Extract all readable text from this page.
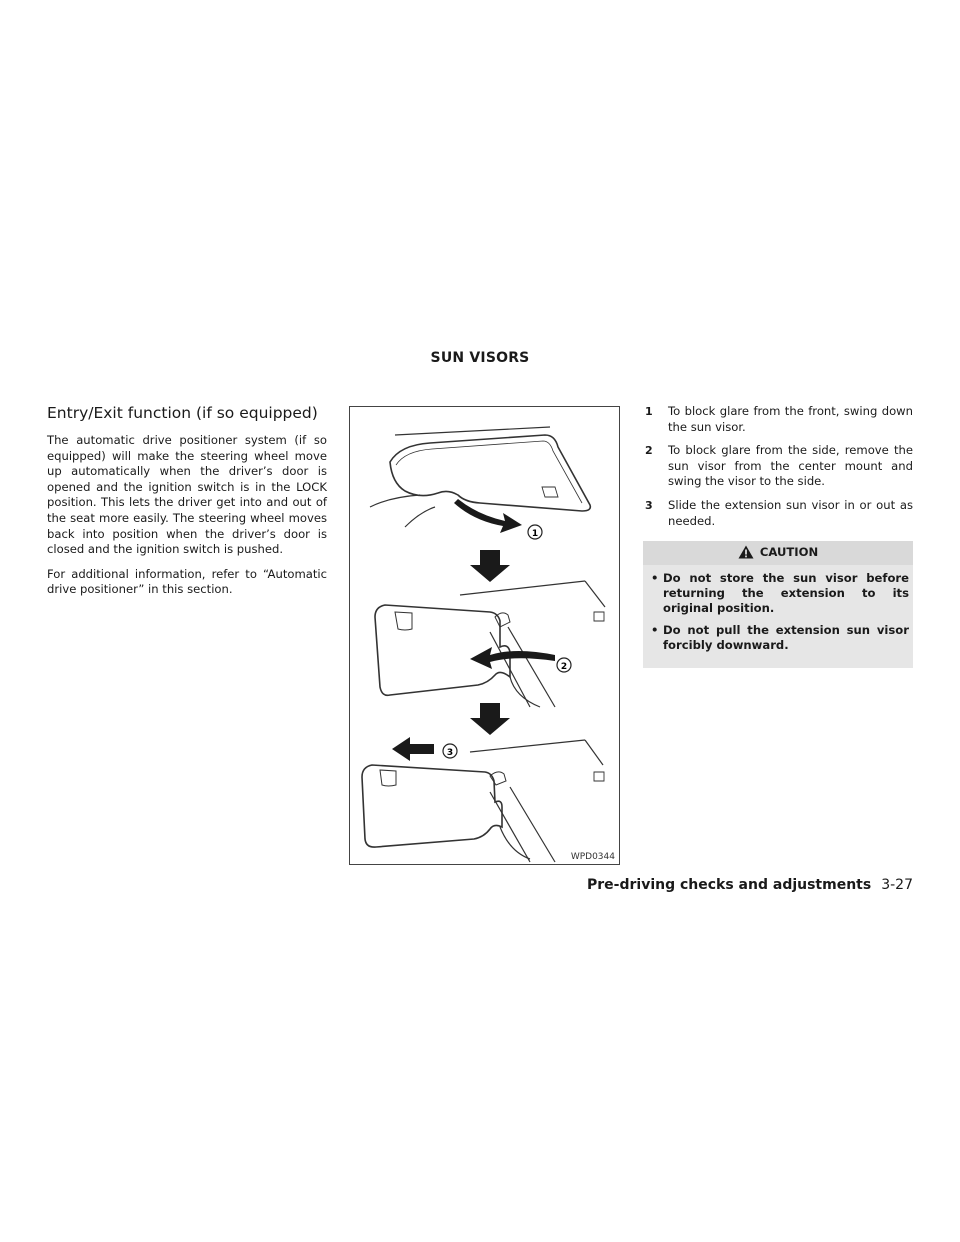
SUN VISORS
Entry/Exit function (if so equipped)

The automatic drive positioner system (if so equipped) will make the steering wheel move up automatically when the driver’s door is opened and the ignition switch is in the LOCK position. This lets the driver get into and out of the seat more easily. The steering wheel moves back into position when the driver’s door is closed and the ignition switch is pushed.

For additional information, refer to “Automatic drive positioner” in this section.

1
2
3
WPD0344
1 To block glare from the front, swing down the sun visor.
2 To block glare from the side, remove the sun visor from the center mount and swing the visor to the side.
3 Slide the extension sun visor in or out as needed.
CAUTION
• Do not store the sun visor before returning the extension to its original position.
• Do not pull the extension sun visor forcibly downward.
Pre-driving checks and adjustments 3-27
